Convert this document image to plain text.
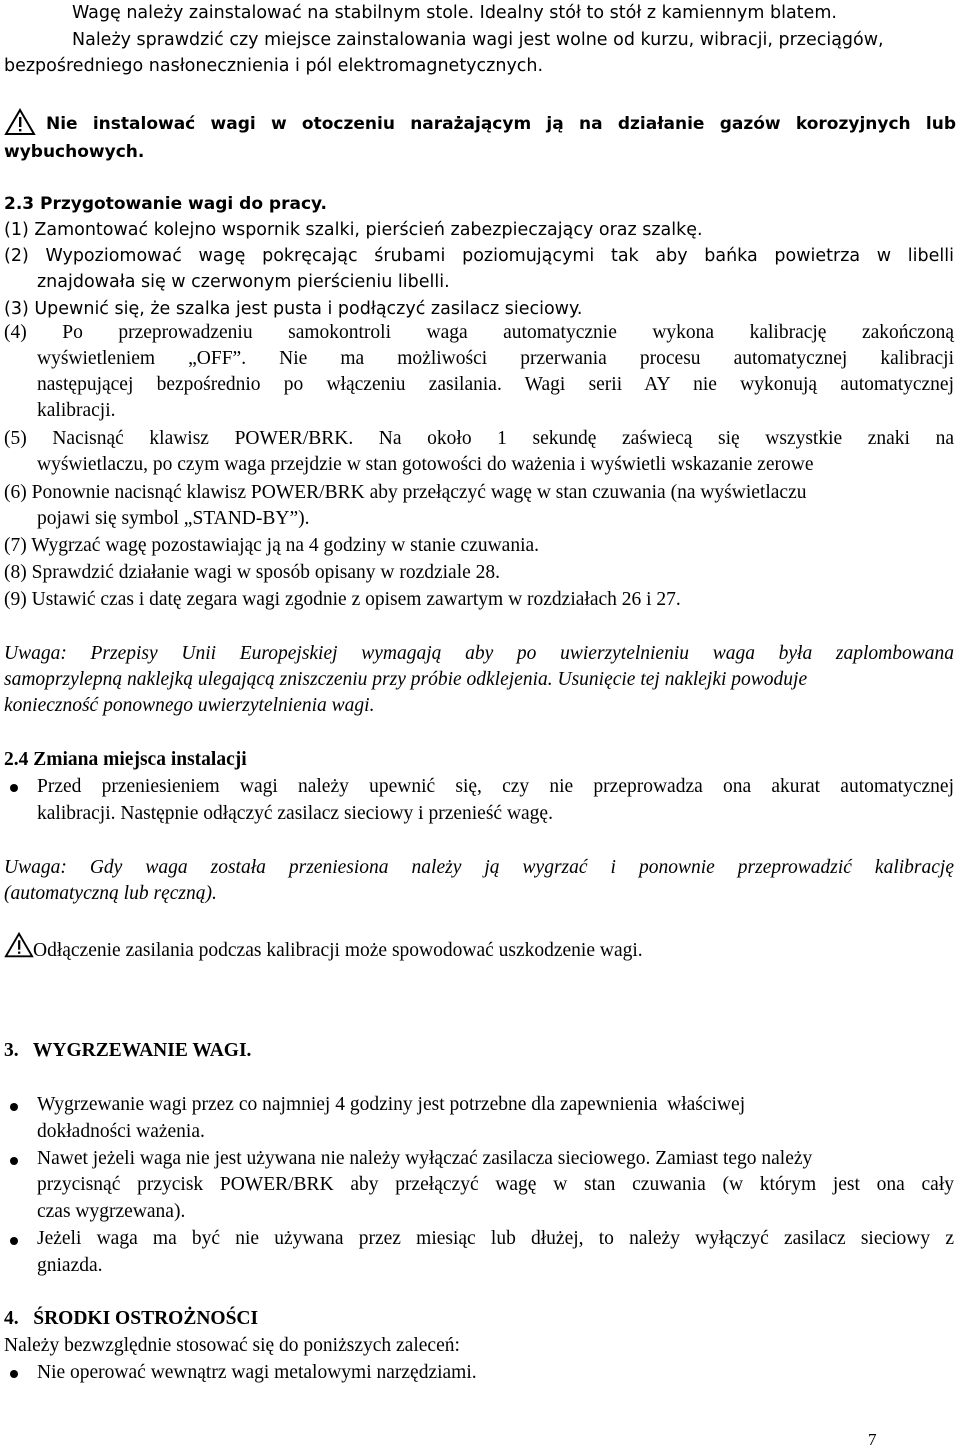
Wagę należy zainstalować na stabilnym stole. Idealny stół to stół z kamiennym blatem.
Należy sprawdzić czy miejsce zainstalowania wagi jest wolne od kurzu, wibracji, przeciągów,
bezpośredniego nasłonecznienia i pól elektromagnetycznych.
Nie instalować wagi w otoczeniu narażającym ją na działanie gazów korozyjnych lub
wybuchowych.
2.3 Przygotowanie wagi do pracy.
(1) Zamontować kolejno wspornik szalki, pierścień zabezpieczający oraz szalkę.
(2) Wypoziomować wagę pokręcając śrubami poziomującymi tak aby bańka powietrza w libelli
znajdowała się w czerwonym pierścieniu libelli.
(3) Upewnić się, że szalka jest pusta i podłączyć zasilacz sieciowy.
(4) Po przeprowadzeniu samokontroli waga automatycznie wykona kalibrację zakończoną
wyświetleniem „OFF”. Nie ma możliwości przerwania procesu automatycznej kalibracji
następującej bezpośrednio po włączeniu zasilania. Wagi serii AY nie wykonują automatycznej
kalibracji.
(5) Nacisnąć klawisz POWER/BRK. Na około 1 sekundę zaświecą się wszystkie znaki na
wyświetlaczu, po czym waga przejdzie w stan gotowości do ważenia i wyświetli wskazanie zerowe
(6) Ponownie nacisnąć klawisz POWER/BRK aby przełączyć wagę w stan czuwania (na wyświetlaczu
pojawi się symbol „STAND-BY”).
(7) Wygrzać wagę pozostawiając ją na 4 godziny w stanie czuwania.
(8) Sprawdzić działanie wagi w sposób opisany w rozdziale 28.
(9) Ustawić czas i datę zegara wagi zgodnie z opisem zawartym w rozdziałach 26 i 27.
Uwaga: Przepisy Unii Europejskiej wymagają aby po uwierzytelnieniu waga była zaplombowana
samoprzylepną naklejką ulegającą zniszczeniu przy próbie odklejenia. Usunięcie tej naklejki powoduje
konieczność ponownego uwierzytelnienia wagi.
2.4 Zmiana miejsca instalacji
Przed przeniesieniem wagi należy upewnić się, czy nie przeprowadza ona akurat automatycznej
kalibracji. Następnie odłączyć zasilacz sieciowy i przenieść wagę.
Uwaga: Gdy waga została przeniesiona należy ją wygrzać i ponownie przeprowadzić kalibrację
(automatyczną lub ręczną).
Odłączenie zasilania podczas kalibracji może spowodować uszkodzenie wagi.
3.   WYGRZEWANIE WAGI.
Wygrzewanie wagi przez co najmniej 4 godziny jest potrzebne dla zapewnienia  właściwej
dokładności ważenia.
Nawet jeżeli waga nie jest używana nie należy wyłączać zasilacza sieciowego. Zamiast tego należy
przycisnąć przycisk POWER/BRK aby przełączyć wagę w stan czuwania (w którym jest ona cały
czas wygrzewana).
Jeżeli waga ma być nie używana przez miesiąc lub dłużej, to należy wyłączyć zasilacz sieciowy z
gniazda.
4.   ŚRODKI OSTROŻNOŚCI
Należy bezwzględnie stosować się do poniższych zaleceń:
Nie operować wewnątrz wagi metalowymi narzędziami.
7
